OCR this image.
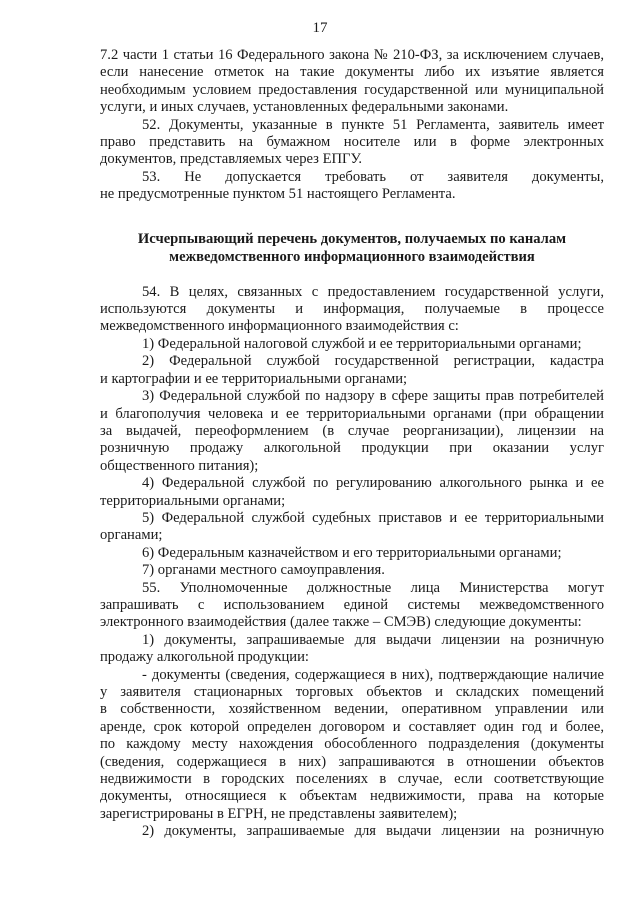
17

7.2 части 1 статьи 16 Федерального закона № 210-ФЗ, за исключением случаев,

если нанесение отметок на такие документы либо их изъятие является

необходимым условием предоставления государственной или муниципальной

услуги, и иных случаев, установленных федеральными законами.

52. Документы, указанные в пункте 51 Регламента, заявитель имеет

право представить на бумажном носителе или в форме электронных

документов, представляемых через ЕПГУ.

53. Не допускается требовать от заявителя документы,

не предусмотренные пунктом 51 настоящего Регламента.

Исчерпывающий перечень документов, получаемых по каналам
межведомственного информационного взаимодействия

54. В целях, связанных с предоставлением государственной услуги,

используются документы и информация, получаемые в процессе

межведомственного информационного взаимодействия с:

1) Федеральной налоговой службой и ее территориальными органами;

2) Федеральной службой государственной регистрации, кадастра

и картографии и ее территориальными органами;

3) Федеральной службой по надзору в сфере защиты прав потребителей

и благополучия человека и ее территориальными органами (при обращении

за выдачей, переоформлением (в случае реорганизации), лицензии на

розничную продажу алкогольной продукции при оказании услуг

общественного питания);

4) Федеральной службой по регулированию алкогольного рынка и ее

территориальными органами;

5) Федеральной службой судебных приставов и ее территориальными

органами;

6) Федеральным казначейством и его территориальными органами;

7) органами местного самоуправления.

55. Уполномоченные должностные лица Министерства могут

запрашивать с использованием единой системы межведомственного

электронного взаимодействия (далее также – СМЭВ) следующие документы:

1) документы, запрашиваемые для выдачи лицензии на розничную

продажу алкогольной продукции:

- документы (сведения, содержащиеся в них), подтверждающие наличие

у заявителя стационарных торговых объектов и складских помещений

в собственности, хозяйственном ведении, оперативном управлении или

аренде, срок которой определен договором и составляет один год и более,

по каждому месту нахождения обособленного подразделения (документы

(сведения, содержащиеся в них) запрашиваются в отношении объектов

недвижимости в городских поселениях в случае, если соответствующие

документы, относящиеся к объектам недвижимости, права на которые

зарегистрированы в ЕГРН, не представлены заявителем);

2) документы, запрашиваемые для выдачи лицензии на розничную
